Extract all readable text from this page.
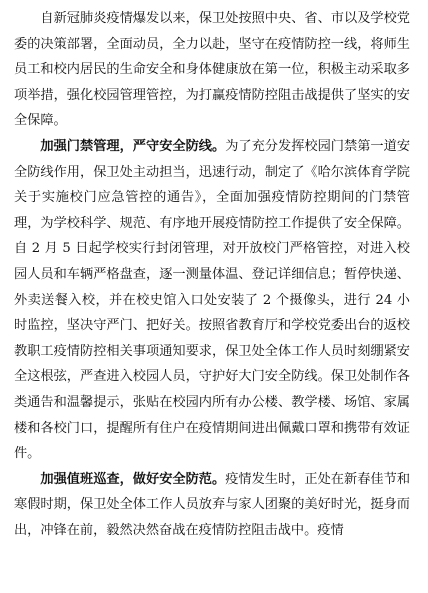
自新冠肺炎疫情爆发以来，保卫处按照中央、省、市以及学校党委的决策部署，全面动员，全力以赴，坚守在疫情防控一线，将师生员工和校内居民的生命安全和身体健康放在第一位，积极主动采取多项举措，强化校园管理管控，为打赢疫情防控阻击战提供了坚实的安全保障。

加强门禁管理，严守安全防线。为了充分发挥校园门禁第一道安全防线作用，保卫处主动担当，迅速行动，制定了《哈尔滨体育学院关于实施校门应急管控的通告》，全面加强疫情防控期间的门禁管理，为学校科学、规范、有序地开展疫情防控工作提供了安全保障。自 2 月 5 日起学校实行封闭管理，对开放校门严格管控，对进入校园人员和车辆严格盘查，逐一测量体温、登记详细信息；暂停快递、外卖送餐入校，并在校史馆入口处安装了 2 个摄像头，进行 24 小时监控，坚决守严门、把好关。按照省教育厅和学校党委出台的返校教职工疫情防控相关事项通知要求，保卫处全体工作人员时刻绷紧安全这根弦，严查进入校园人员，守护好大门安全防线。保卫处制作各类通告和温馨提示，张贴在校园内所有办公楼、教学楼、场馆、家属楼和各校门口，提醒所有住户在疫情期间进出佩戴口罩和携带有效证件。

加强值班巡查，做好安全防范。疫情发生时，正处在新春佳节和寒假时期，保卫处全体工作人员放弃与家人团聚的美好时光，挺身而出，冲锋在前，毅然决然奋战在疫情防控阻击战中。疫情
